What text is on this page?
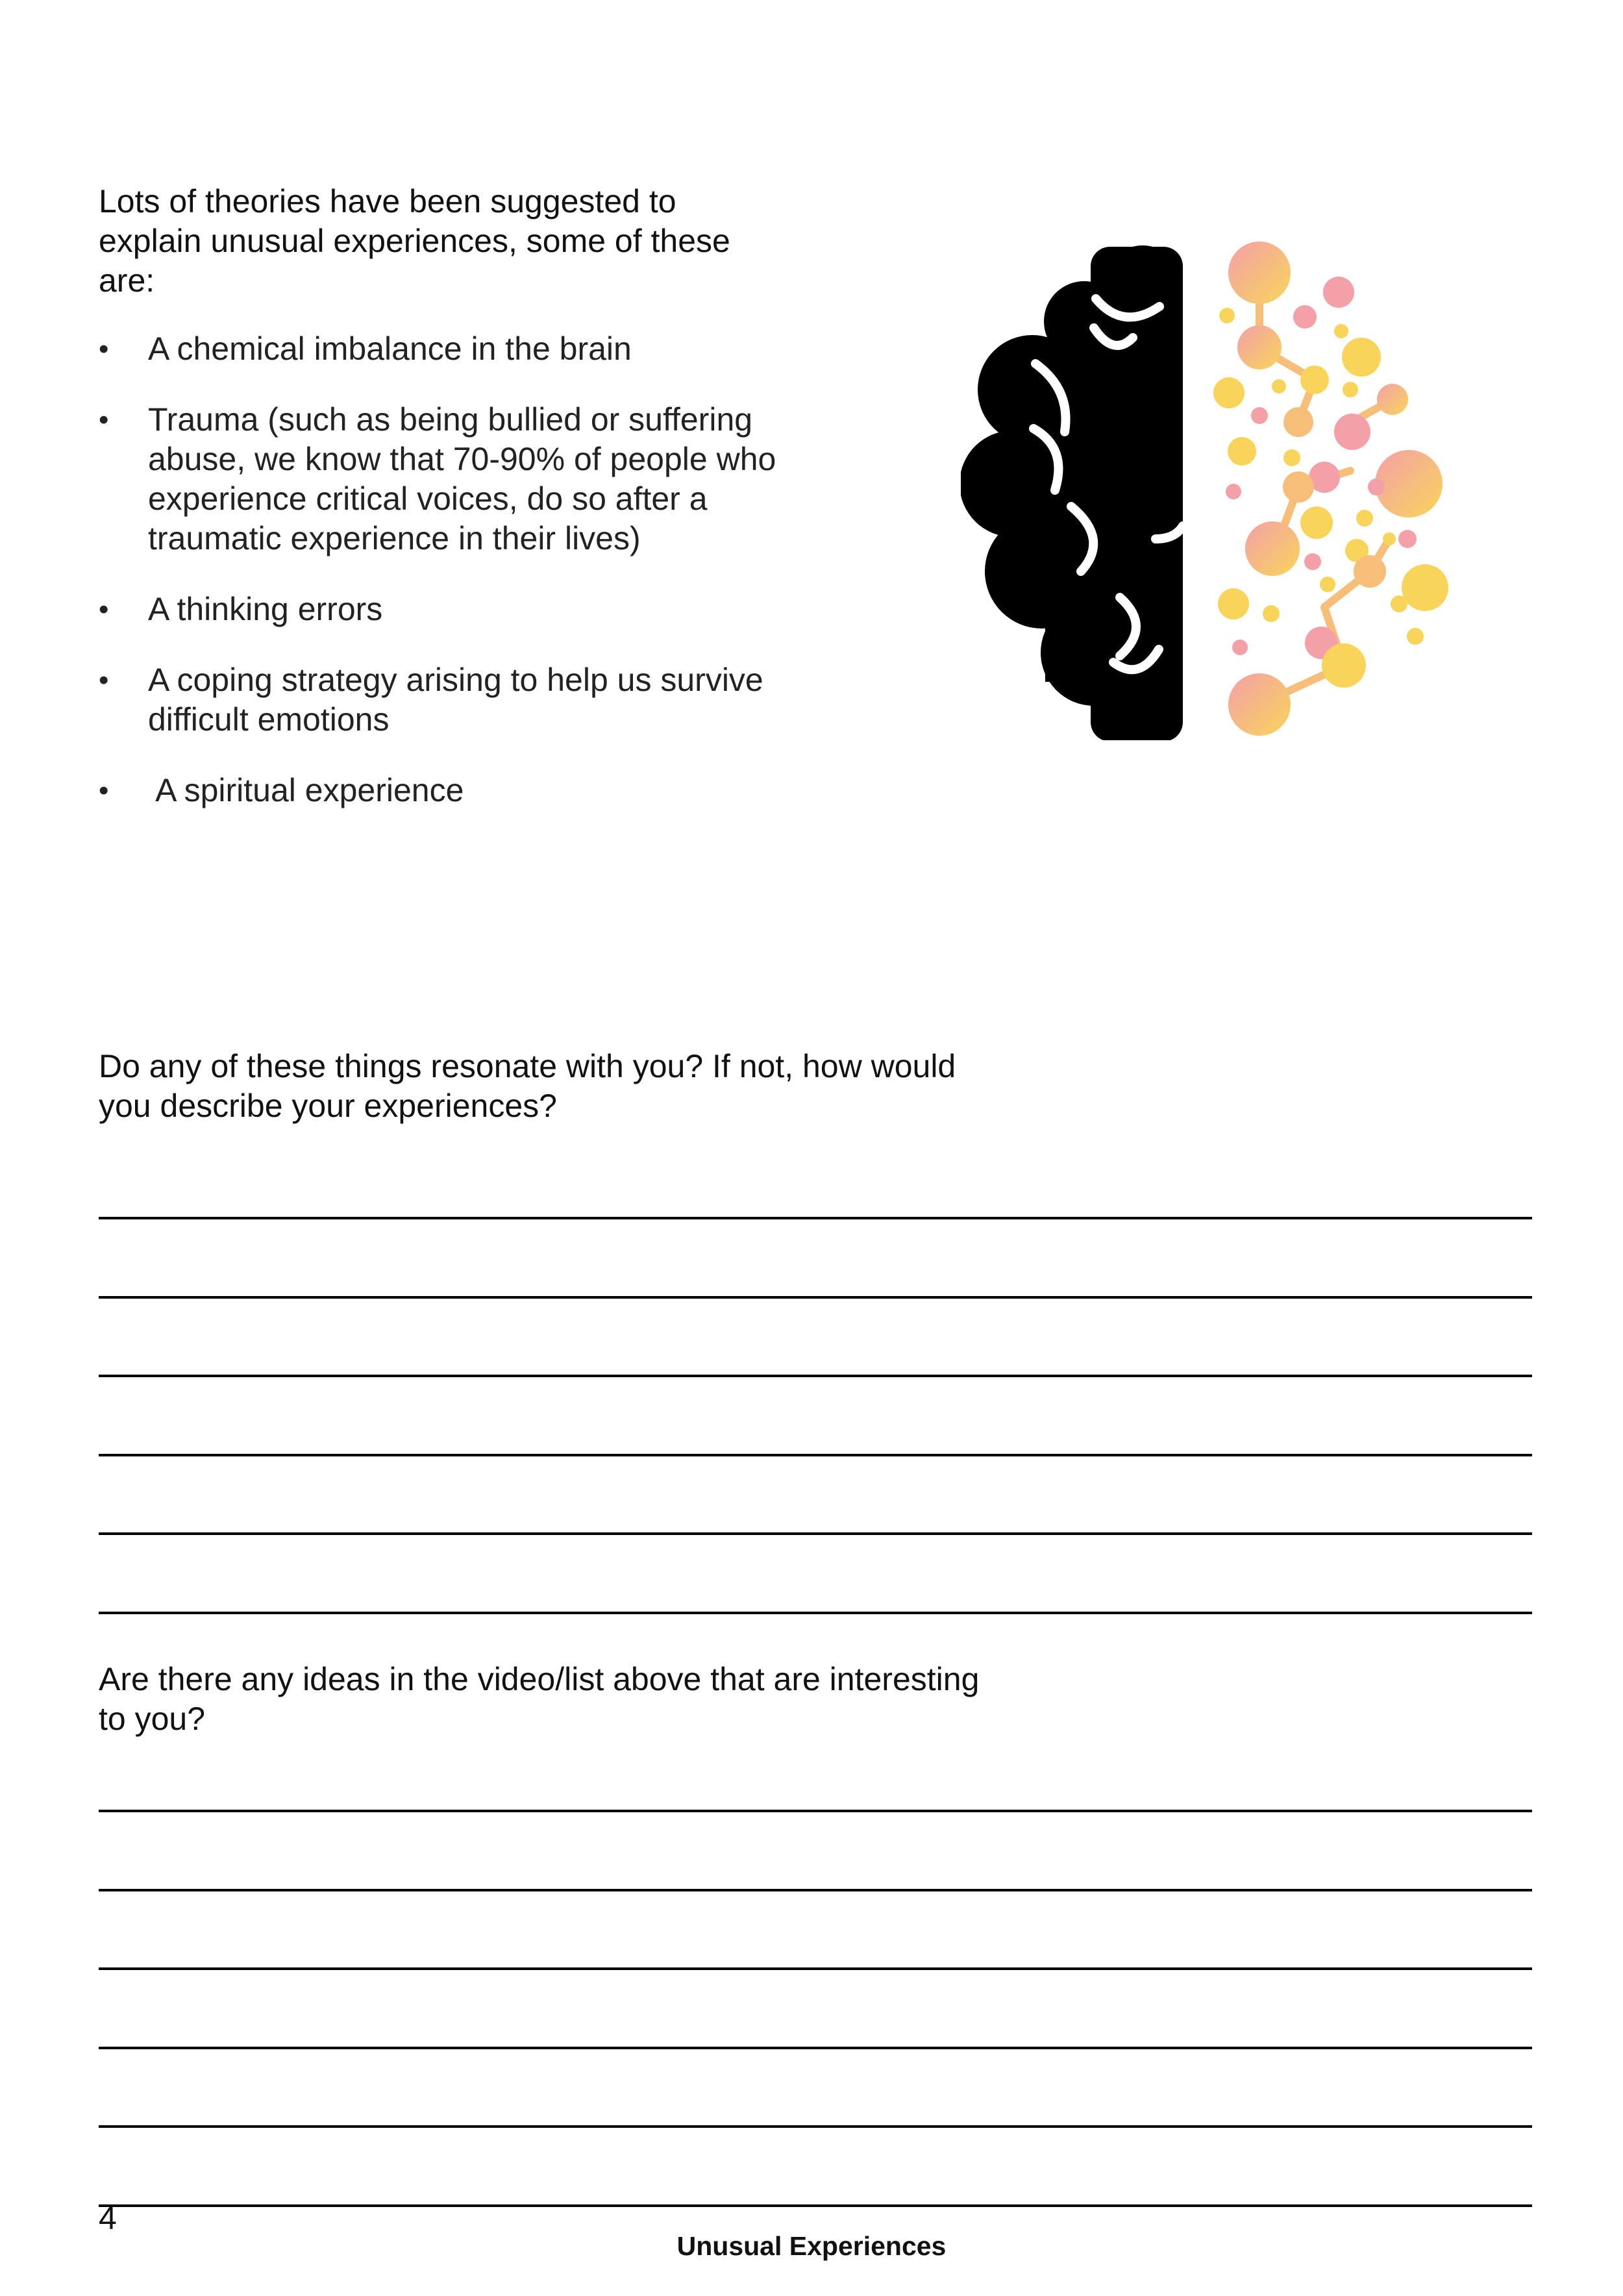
Lots of theories have been suggested to explain unusual experiences, some of these are:

•	A chemical imbalance in the brain
•	Trauma (such as being bullied or suffering abuse, we know that 70-90% of people who experience critical voices, do so after a traumatic experience in their lives)
•	A thinking errors
•	A coping strategy arising to help us survive difficult emotions
•	A spiritual experience

Do any of these things resonate with you? If not, how would you describe your experiences?

Are there any ideas in the video/list above that are interesting to you?

4
Unusual Experiences
